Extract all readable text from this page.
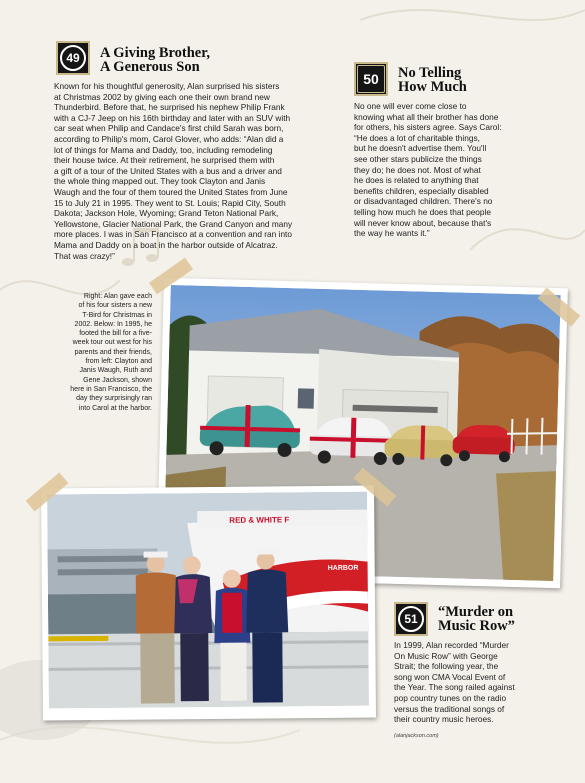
49	A Giving Brother,
A Generous Son
Known for his thoughtful generosity, Alan surprised his sisters
at Christmas 2002 by giving each one their own brand new
Thunderbird. Before that, he surprised his nephew Philip Frank
with a CJ-7 Jeep on his 16th birthday and later with an SUV with
car seat when Philip and Candace's first child Sarah was born,
according to Philip's mom, Carol Glover, who adds: “Alan did a
lot of things for Mama and Daddy, too, including remodeling
their house twice. At their retirement, he surprised them with
a gift of a tour of the United States with a bus and a driver and
the whole thing mapped out. They took Clayton and Janis
Waugh and the four of them toured the United States from June
15 to July 21 in 1995. They went to St. Louis; Rapid City, South
Dakota; Jackson Hole, Wyoming; Grand Teton National Park,
Yellowstone, Glacier National Park, the Grand Canyon and many
more places. I was in San Francisco at a convention and ran into
Mama and Daddy on a boat in the harbor outside of Alcatraz.
That was crazy!”
50	No Telling
How Much
No one will ever come close to
knowing what all their brother has done
for others, his sisters agree. Says Carol:
“He does a lot of charitable things,
but he doesn't advertise them. You'll
see other stars publicize the things
they do; he does not. Most of what
he does is related to anything that
benefits children, especially disabled
or disadvantaged children. There's no
telling how much he does that people
will never know about, because that's
the way he wants it.”
Right: Alan gave each
of his four sisters a new
T-Bird for Christmas in
2002. Below: In 1995, he
footed the bill for a five-
week tour out west for his
parents and their friends,
from left: Clayton and
Janis Waugh, Ruth and
Gene Jackson, shown
here in San Francisco, the
day they surprisingly ran
into Carol at the harbor.
RED & WHITE F
HARBOR
51	“Murder on
Music Row”
In 1999, Alan recorded “Murder
On Music Row” with George
Strait; the following year, the
song won CMA Vocal Event of
the Year. The song railed against
pop country tunes on the radio
versus the traditional songs of
their country music heroes.
(alanjackson.com)
